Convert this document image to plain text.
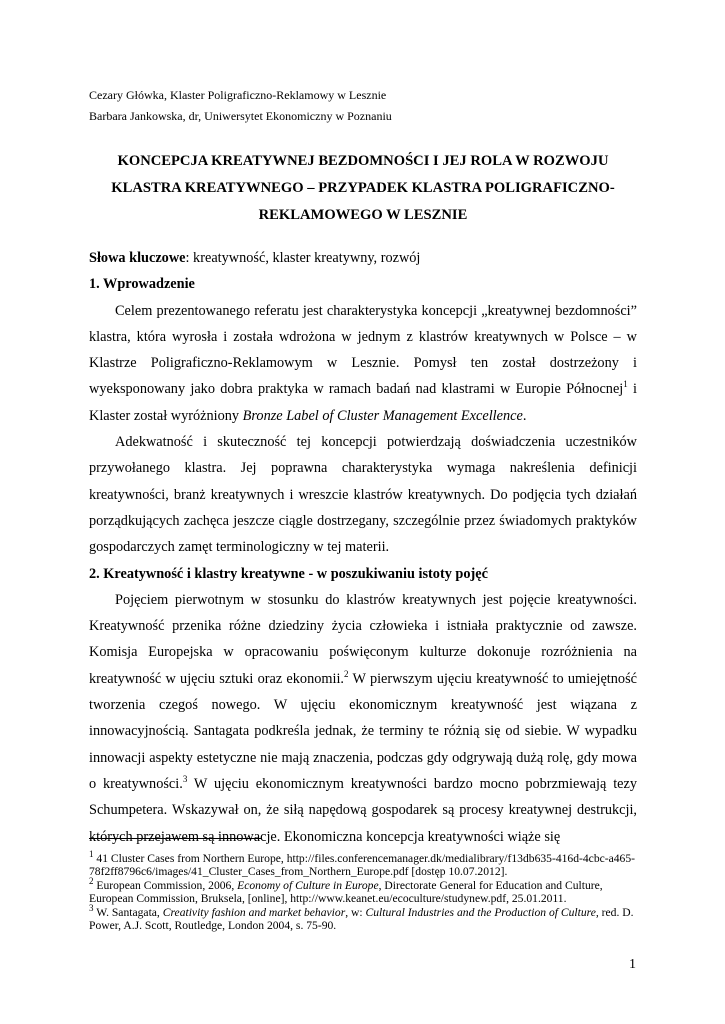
Cezary Główka, Klaster Poligraficzno-Reklamowy w Lesznie
Barbara Jankowska, dr, Uniwersytet Ekonomiczny w Poznaniu
KONCEPCJA KREATYWNEJ BEZDOMNOŚCI I JEJ ROLA W ROZWOJU
KLASTRA KREATYWNEGO – PRZYPADEK KLASTRA POLIGRAFICZNO-
REKLAMOWEGO W LESZNIE

Słowa kluczowe: kreatywność, klaster kreatywny, rozwój

1. Wprowadzenie

Celem prezentowanego referatu jest charakterystyka koncepcji „kreatywnej bezdomności” klastra, która wyrosła i została wdrożona w jednym z klastrów kreatywnych w Polsce – w Klastrze Poligraficzno-Reklamowym w Lesznie. Pomysł ten został dostrzeżony i wyeksponowany jako dobra praktyka w ramach badań nad klastrami w Europie Północnej$^1$ i Klaster został wyróżniony Bronze Label of Cluster Management Excellence.

Adekwatność i skuteczność tej koncepcji potwierdzają doświadczenia uczestników przywołanego klastra. Jej poprawna charakterystyka wymaga nakreślenia definicji kreatywności, branż kreatywnych i wreszcie klastrów kreatywnych. Do podjęcia tych działań porządkujących zachęca jeszcze ciągle dostrzegany, szczególnie przez świadomych praktyków gospodarczych zamęt terminologiczny w tej materii.

2. Kreatywność i klastry kreatywne - w poszukiwaniu istoty pojęć

Pojęciem pierwotnym w stosunku do klastrów kreatywnych jest pojęcie kreatywności. Kreatywność przenika różne dziedziny życia człowieka i istniała praktycznie od zawsze. Komisja Europejska w opracowaniu poświęconym kulturze dokonuje rozróżnienia na kreatywność w ujęciu sztuki oraz ekonomii.$^2$ W pierwszym ujęciu kreatywność to umiejętność tworzenia czegoś nowego. W ujęciu ekonomicznym kreatywność jest wiązana z innowacyjnością. Santagata podkreśla jednak, że terminy te różnią się od siebie. W wypadku innowacji aspekty estetyczne nie mają znaczenia, podczas gdy odgrywają dużą rolę, gdy mowa o kreatywności.$^3$ W ujęciu ekonomicznym kreatywności bardzo mocno pobrzmiewają tezy Schumpetera. Wskazywał on, że siłą napędową gospodarek są procesy kreatywnej destrukcji, których przejawem są innowacje. Ekonomiczna koncepcja kreatywności wiąże się

$^1$ 41 Cluster Cases from Northern Europe, http://files.conferencemanager.dk/medialibrary/f13db635-416d-4cbc-a465-78f2ff8796c6/images/41_Cluster_Cases_from_Northern_Europe.pdf [dostęp 10.07.2012].

$^2$ European Commission, 2006, Economy of Culture in Europe, Directorate General for Education and Culture, European Commission, Bruksela, [online], http://www.keanet.eu/ecoculture/studynew.pdf, 25.01.2011.

$^3$ W. Santagata, Creativity fashion and market behavior, w: Cultural Industries and the Production of Culture, red. D. Power, A.J. Scott, Routledge, London 2004, s. 75-90.

1
